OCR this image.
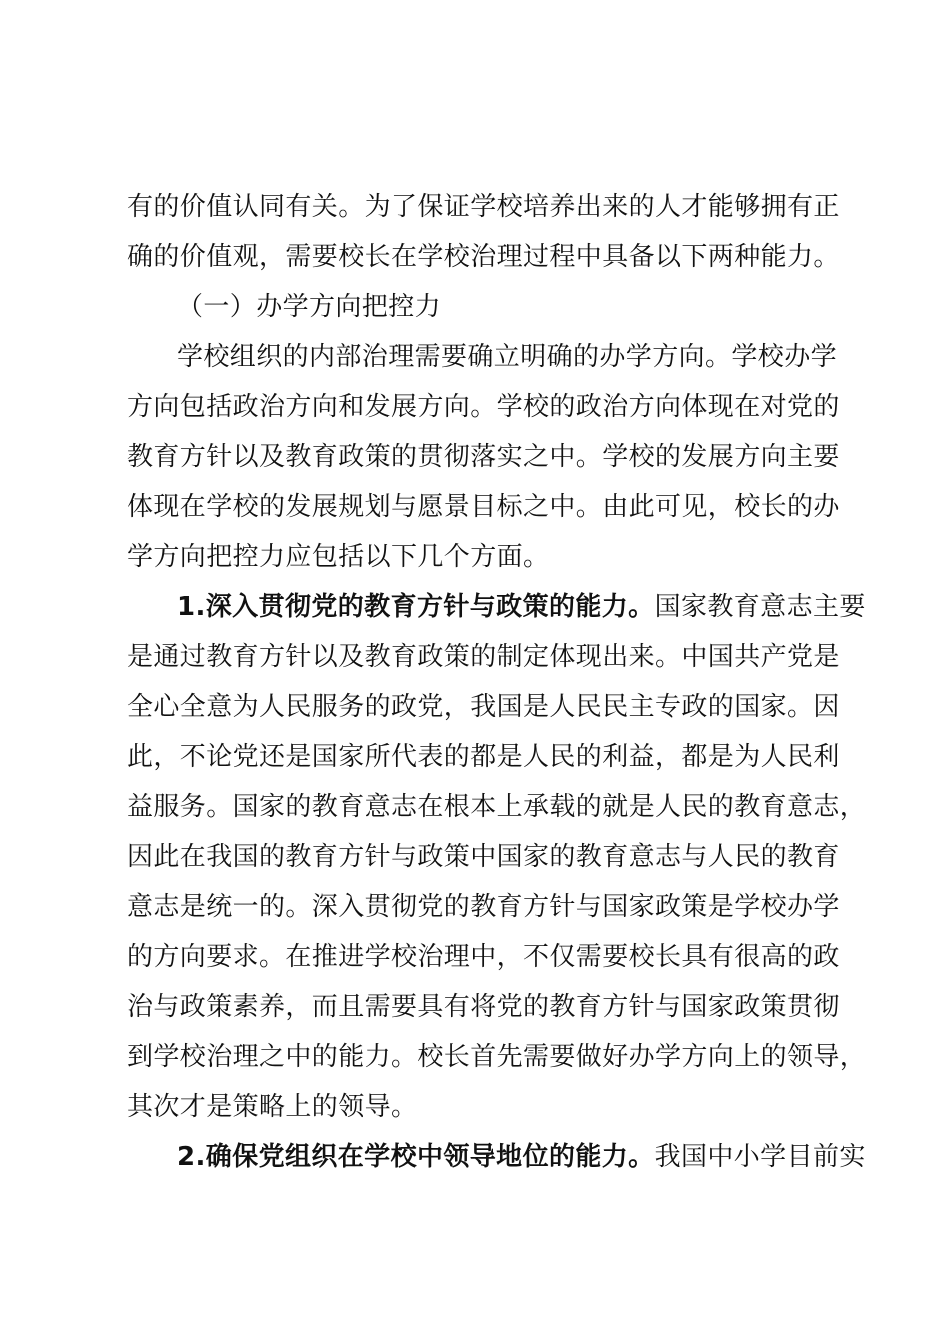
有的价值认同有关。为了保证学校培养出来的人才能够拥有正
确的价值观，需要校长在学校治理过程中具备以下两种能力。
（一）办学方向把控力
学校组织的内部治理需要确立明确的办学方向。学校办学
方向包括政治方向和发展方向。学校的政治方向体现在对党的
教育方针以及教育政策的贯彻落实之中。学校的发展方向主要
体现在学校的发展规划与愿景目标之中。由此可见，校长的办
学方向把控力应包括以下几个方面。
1.深入贯彻党的教育方针与政策的能力。国家教育意志主要
是通过教育方针以及教育政策的制定体现出来。中国共产党是
全心全意为人民服务的政党，我国是人民民主专政的国家。因
此，不论党还是国家所代表的都是人民的利益，都是为人民利
益服务。国家的教育意志在根本上承载的就是人民的教育意志，
因此在我国的教育方针与政策中国家的教育意志与人民的教育
意志是统一的。深入贯彻党的教育方针与国家政策是学校办学
的方向要求。在推进学校治理中，不仅需要校长具有很高的政
治与政策素养，而且需要具有将党的教育方针与国家政策贯彻
到学校治理之中的能力。校长首先需要做好办学方向上的领导，
其次才是策略上的领导。
2.确保党组织在学校中领导地位的能力。我国中小学目前实
